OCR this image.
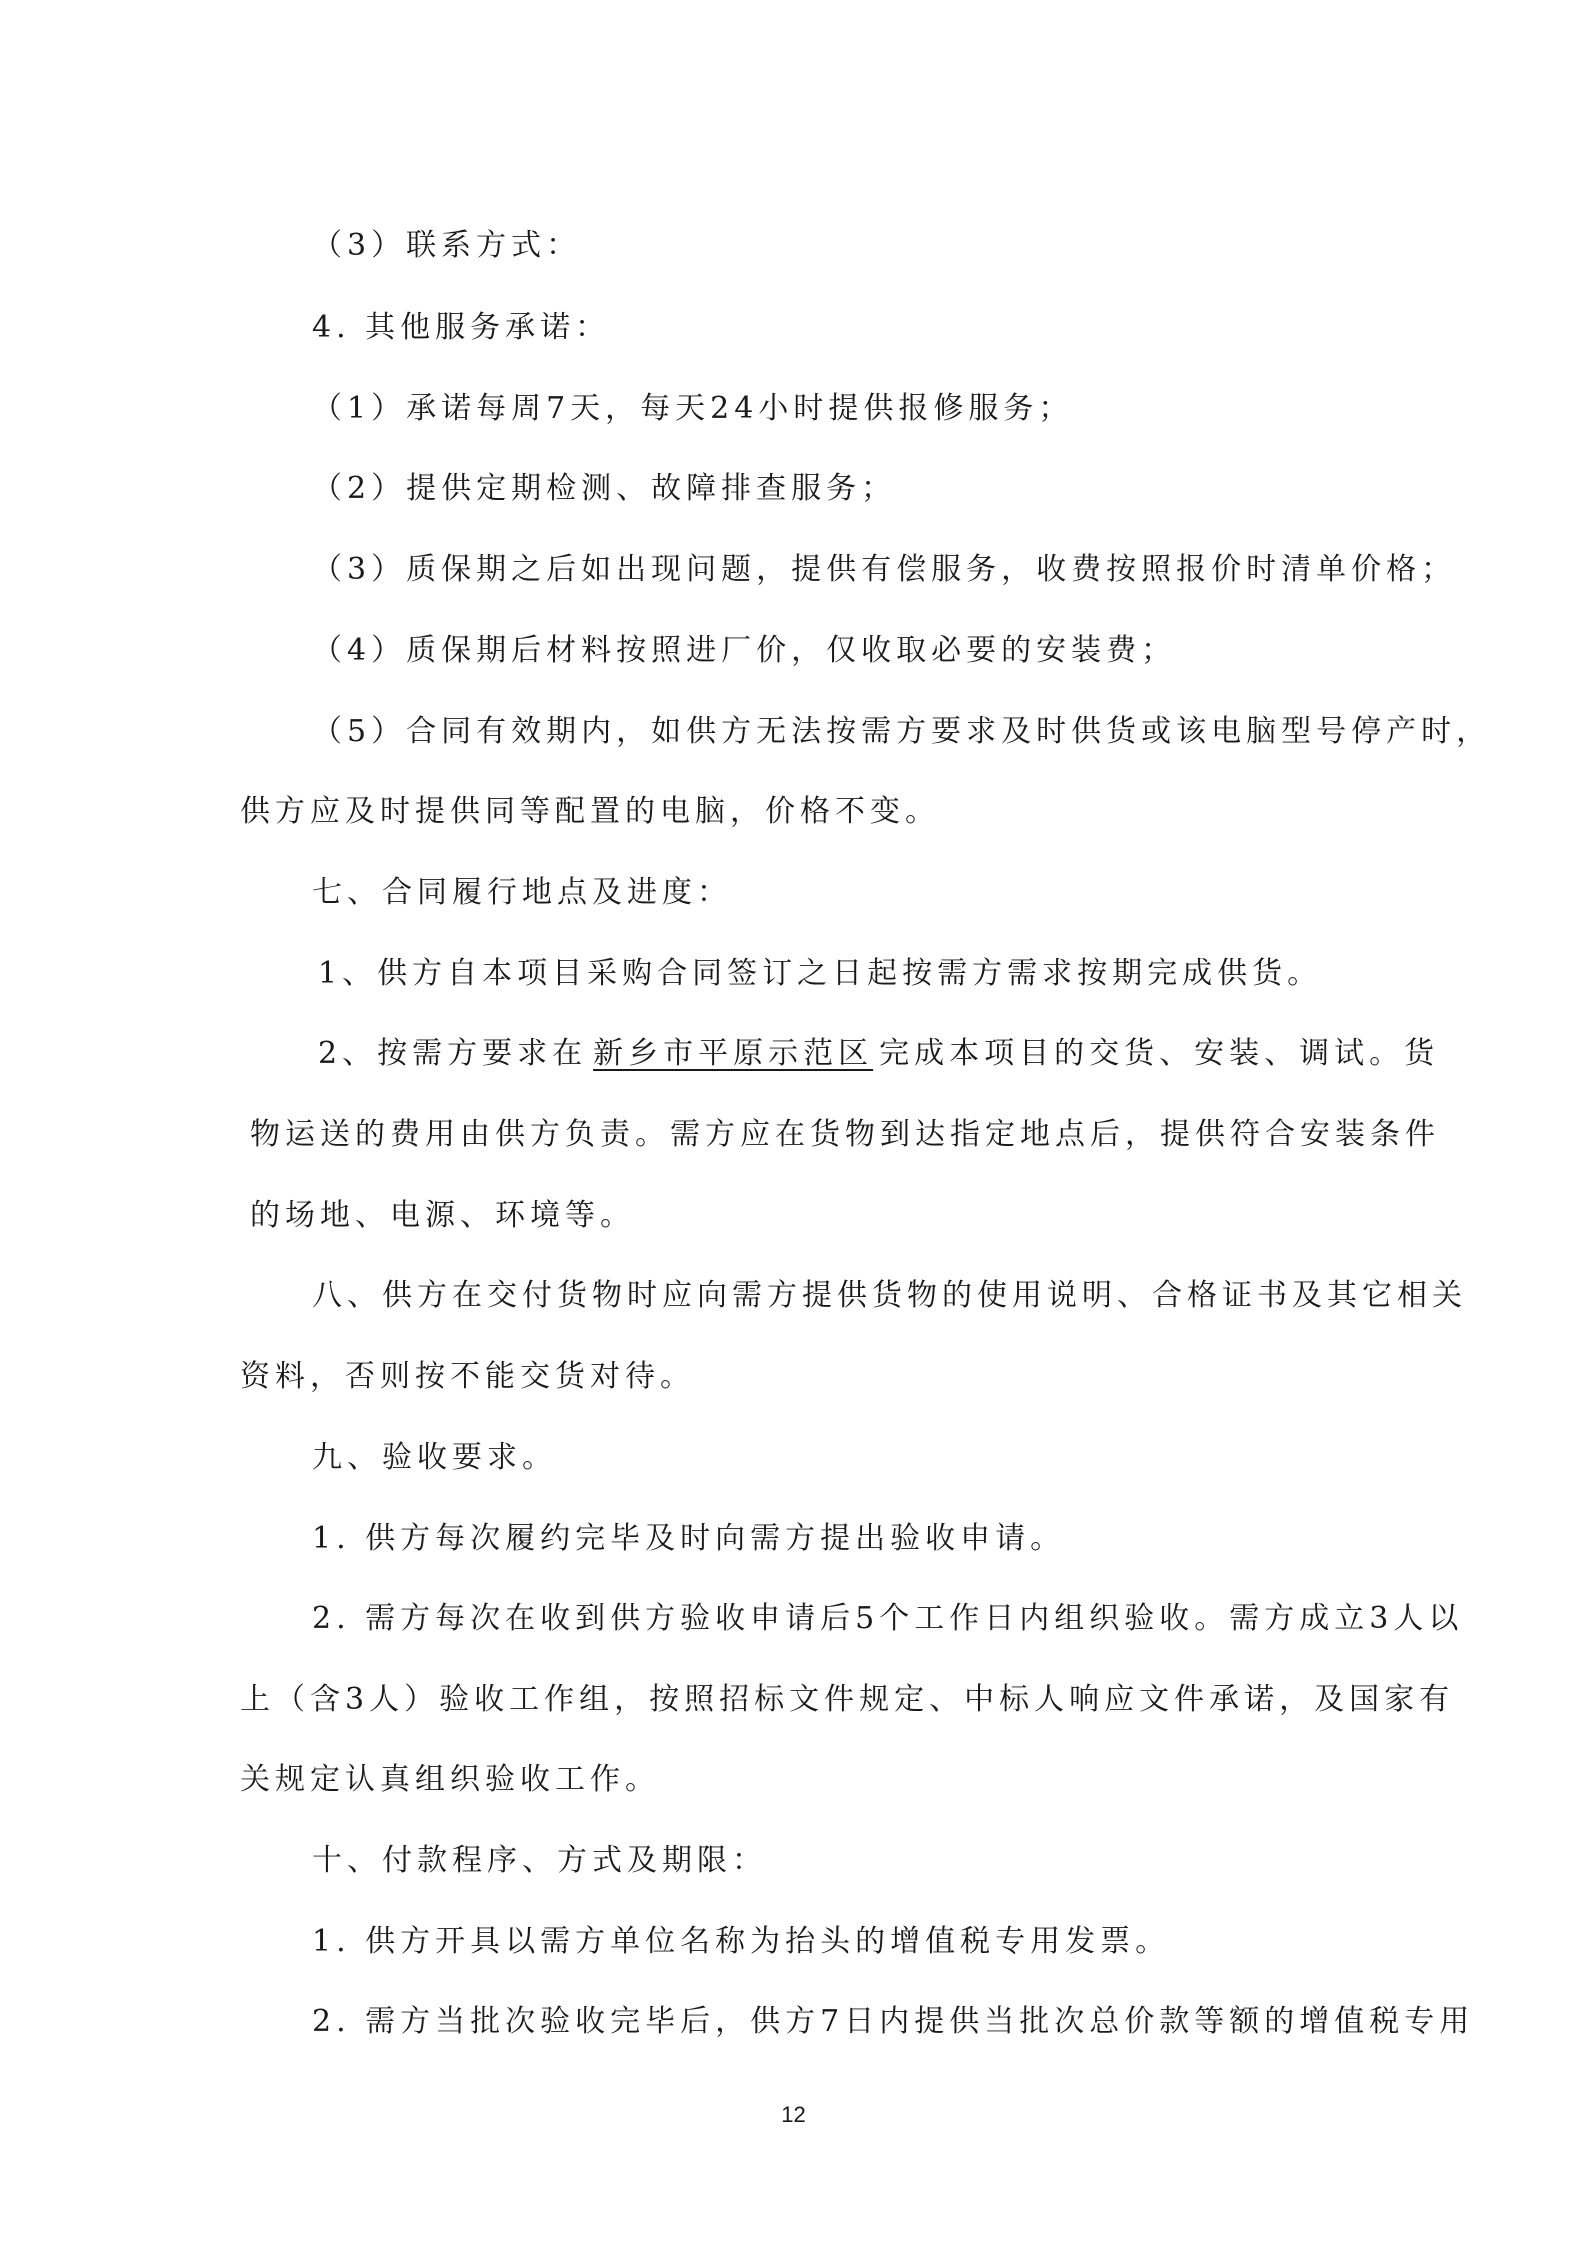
（3）联系方式：
4. 其他服务承诺：
（1）承诺每周7天，每天24小时提供报修服务；
（2）提供定期检测、故障排查服务；
（3）质保期之后如出现问题，提供有偿服务，收费按照报价时清单价格；
（4）质保期后材料按照进厂价，仅收取必要的安装费；
（5）合同有效期内，如供方无法按需方要求及时供货或该电脑型号停产时，
供方应及时提供同等配置的电脑，价格不变。
七、合同履行地点及进度：
1、供方自本项目采购合同签订之日起按需方需求按期完成供货。
2、按需方要求在 新乡市平原示范区 完成本项目的交货、安装、调试。货
物运送的费用由供方负责。需方应在货物到达指定地点后，提供符合安装条件
的场地、电源、环境等。
八、供方在交付货物时应向需方提供货物的使用说明、合格证书及其它相关
资料，否则按不能交货对待。
九、验收要求。
1. 供方每次履约完毕及时向需方提出验收申请。
2. 需方每次在收到供方验收申请后5个工作日内组织验收。需方成立3人以
上（含3人）验收工作组，按照招标文件规定、中标人响应文件承诺，及国家有
关规定认真组织验收工作。
十、付款程序、方式及期限：
1. 供方开具以需方单位名称为抬头的增值税专用发票。
2. 需方当批次验收完毕后，供方7日内提供当批次总价款等额的增值税专用
12
